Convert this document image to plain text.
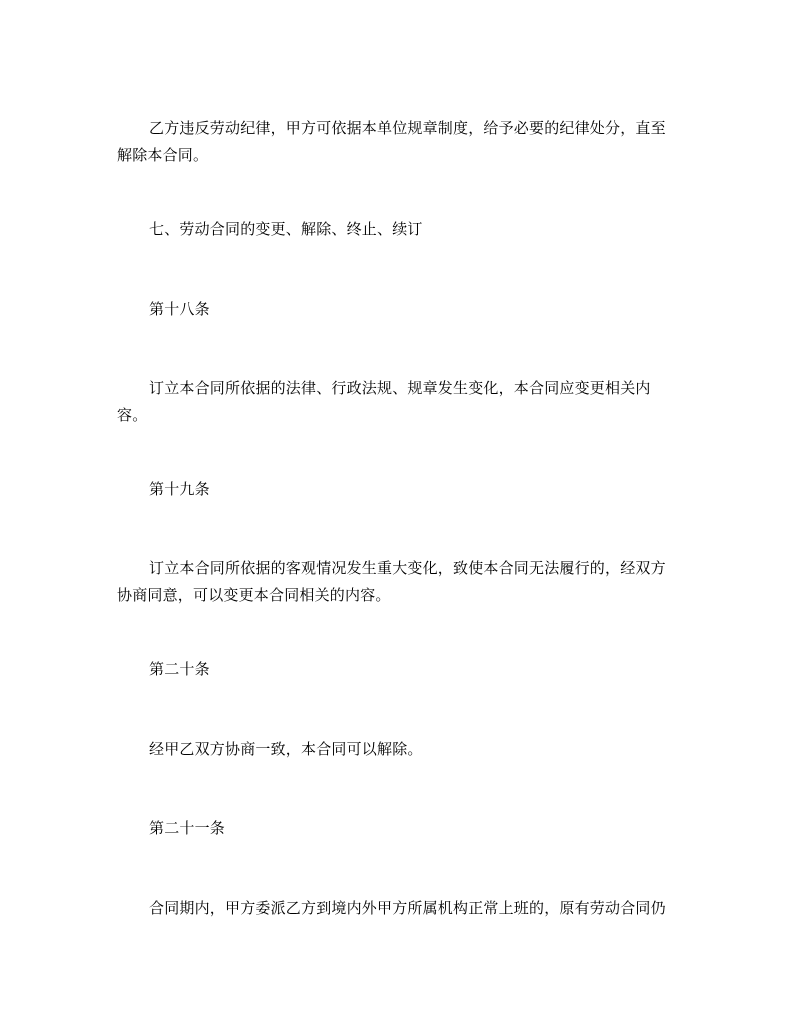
乙方违反劳动纪律，甲方可依据本单位规章制度，给予必要的纪律处分，直至
解除本合同。

七、劳动合同的变更、解除、终止、续订

第十八条

订立本合同所依据的法律、行政法规、规章发生变化，本合同应变更相关内
容。

第十九条

订立本合同所依据的客观情况发生重大变化，致使本合同无法履行的，经双方
协商同意，可以变更本合同相关的内容。

第二十条

经甲乙双方协商一致，本合同可以解除。

第二十一条

合同期内，甲方委派乙方到境内外甲方所属机构正常上班的，原有劳动合同仍
